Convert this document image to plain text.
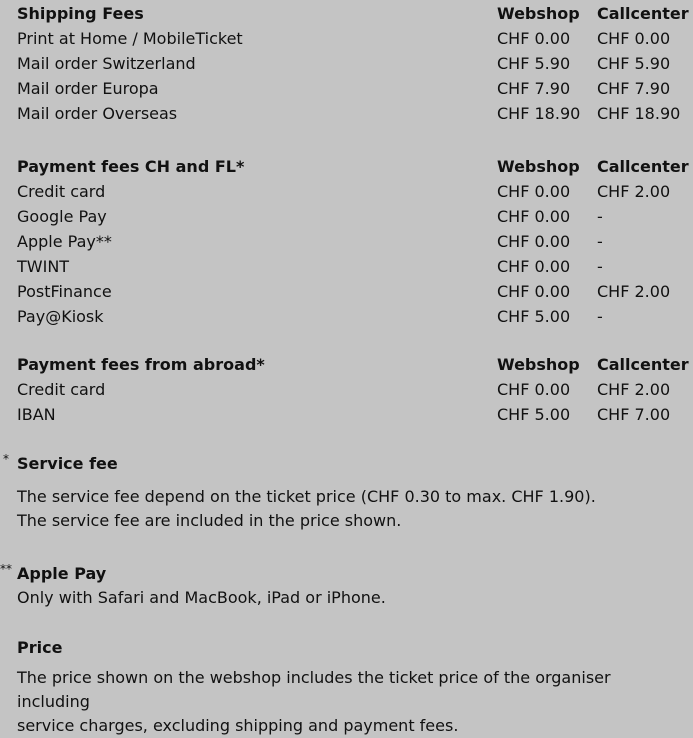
Shipping Fees	Webshop Callcenter
Print at Home / MobileTicket	CHF 0.00 CHF 0.00
Mail order Switzerland	CHF 5.90 CHF 5.90
Mail order Europa	CHF 7.90 CHF 7.90
Mail order Overseas	CHF 18.90 CHF 18.90
Payment fees CH and FL*	Webshop Callcenter
Credit card	CHF 0.00 CHF 2.00
Google Pay	CHF 0.00 -
Apple Pay**	CHF 0.00 -
TWINT	CHF 0.00 -
PostFinance	CHF 0.00 CHF 2.00
Pay@Kiosk	CHF 5.00 -
Payment fees from abroad*	Webshop Callcenter
Credit card	CHF 0.00 CHF 2.00
IBAN	CHF 5.00 CHF 7.00
* Service fee
The service fee depend on the ticket price (CHF 0.30 to max. CHF 1.90).
The service fee are included in the price shown.
** Apple Pay
Only with Safari and MacBook, iPad or iPhone.
Price
The price shown on the webshop includes the ticket price of the organiser including
service charges, excluding shipping and payment fees.
